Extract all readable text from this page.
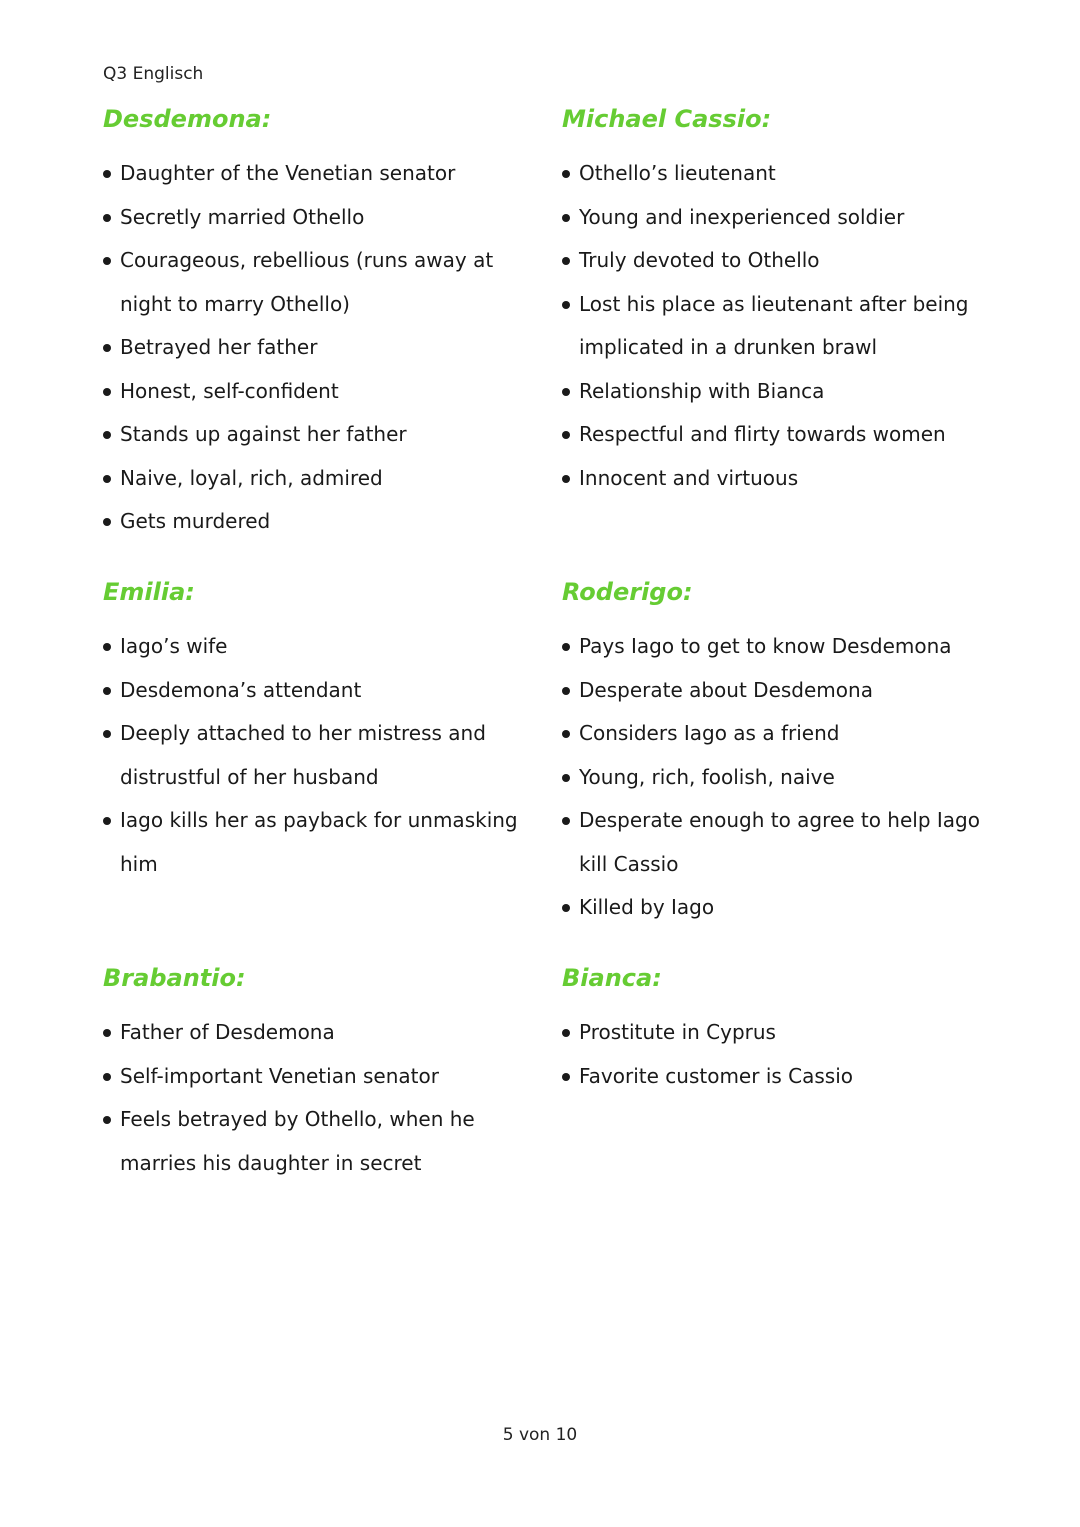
Q3 Englisch
Desdemona:
Daughter of the Venetian senator
Secretly married Othello
Courageous, rebellious (runs away at night to marry Othello)
Betrayed her father
Honest, self-confident
Stands up against her father
Naive, loyal, rich, admired
Gets murdered
Michael Cassio:
Othello’s lieutenant
Young and inexperienced soldier
Truly devoted to Othello
Lost his place as lieutenant after being implicated in a drunken brawl
Relationship with Bianca
Respectful and flirty towards women
Innocent and virtuous
Emilia:
Iago’s wife
Desdemona’s attendant
Deeply attached to her mistress and distrustful of her husband
Iago kills her as payback for unmasking him
Roderigo:
Pays Iago to get to know Desdemona
Desperate about Desdemona
Considers Iago as a friend
Young, rich, foolish, naive
Desperate enough to agree to help Iago kill Cassio
Killed by Iago
Brabantio:
Father of Desdemona
Self-important Venetian senator
Feels betrayed by Othello, when he marries his daughter in secret
Bianca:
Prostitute in Cyprus
Favorite customer is Cassio
5 von 10
